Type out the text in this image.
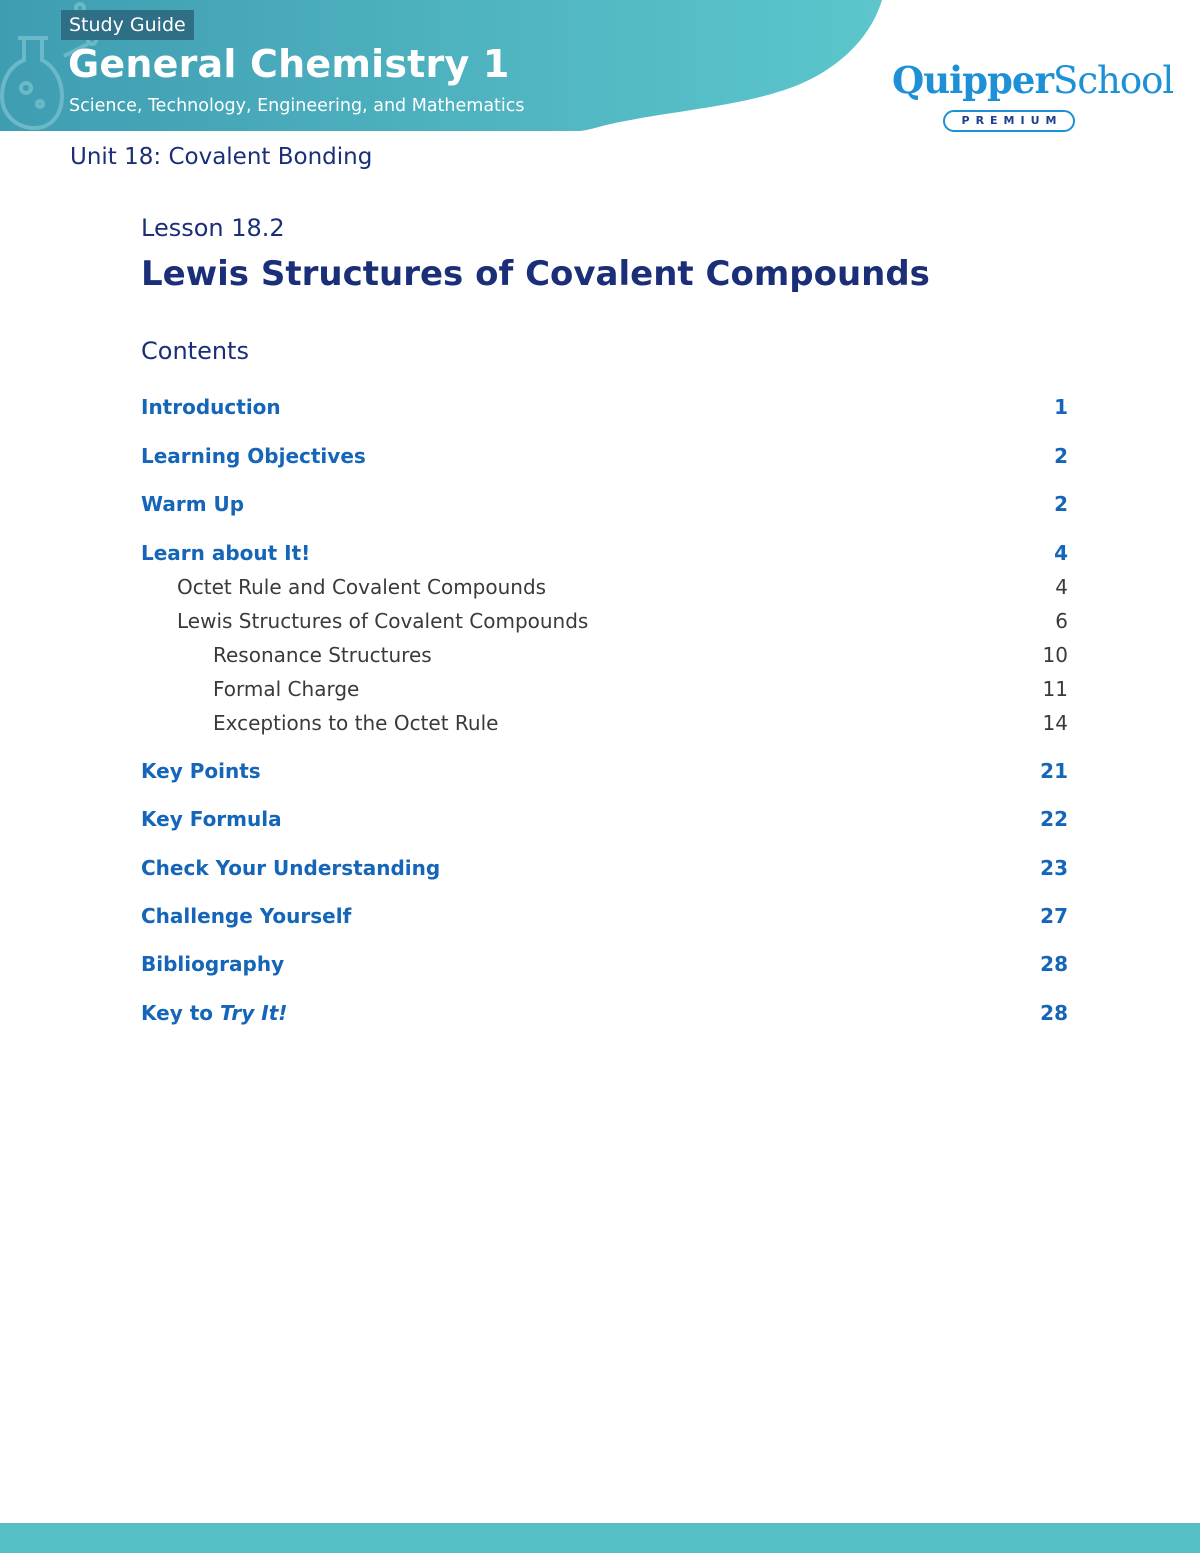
Study Guide
General Chemistry 1
Science, Technology, Engineering, and Mathematics
QuipperSchool
PREMIUM
Unit 18: Covalent Bonding
Lesson 18.2
Lewis Structures of Covalent Compounds
Contents
Introduction	1
Learning Objectives	2
Warm Up	2
Learn about It!	4
Octet Rule and Covalent Compounds	4
Lewis Structures of Covalent Compounds	6
Resonance Structures	10
Formal Charge	11
Exceptions to the Octet Rule	14
Key Points	21
Key Formula	22
Check Your Understanding	23
Challenge Yourself	27
Bibliography	28
Key to Try It!	28
